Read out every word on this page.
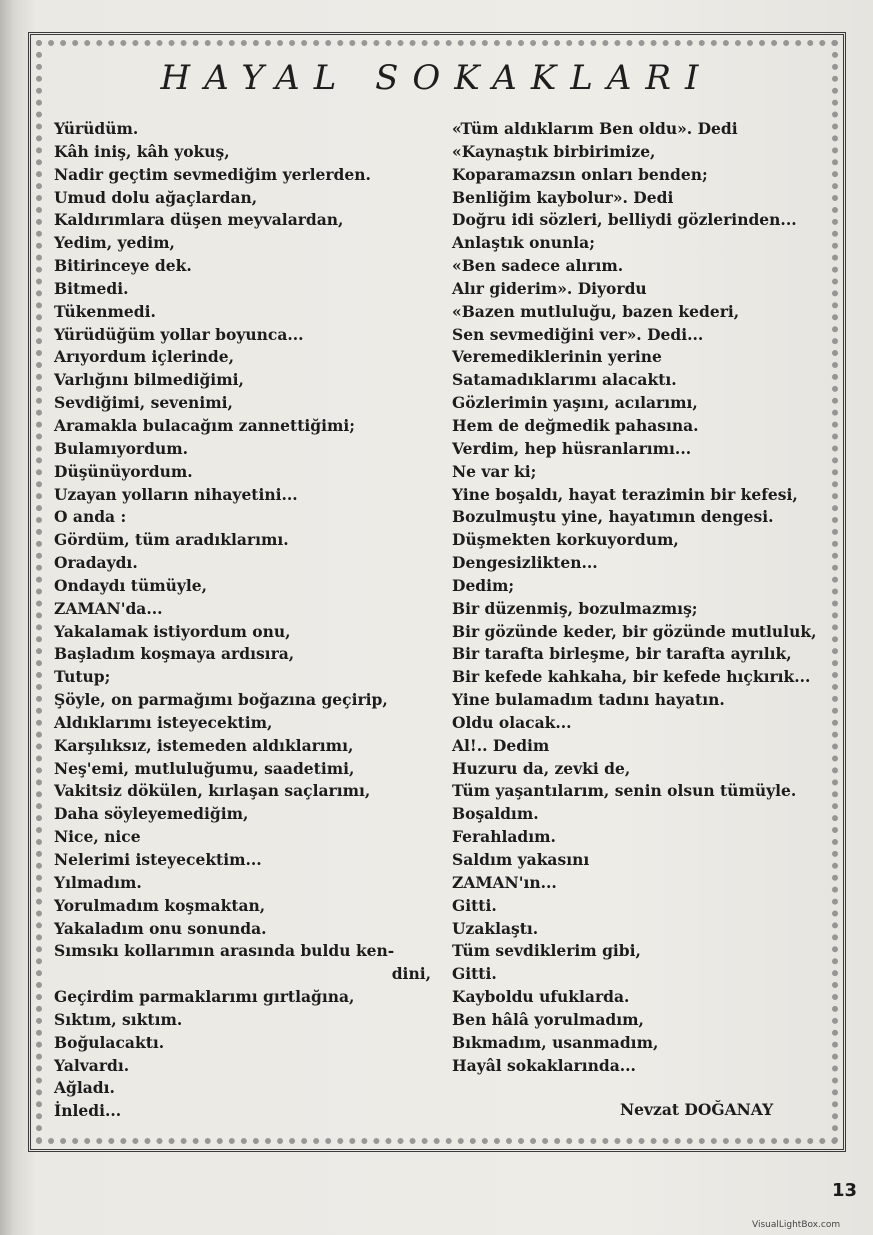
HAYAL SOKAKLARI
Yürüdüm.
Kâh iniş, kâh yokuş,
Nadir geçtim sevmediğim yerlerden.
Umud dolu ağaçlardan,
Kaldırımlara düşen meyvalardan,
Yedim, yedim,
Bitirinceye dek.
Bitmedi.
Tükenmedi.
Yürüdüğüm yollar boyunca...
Arıyordum içlerinde,
Varlığını bilmediğimi,
Sevdiğimi, sevenimi,
Aramakla bulacağım zannettiğimi;
Bulamıyordum.
Düşünüyordum.
Uzayan yolların nihayetini...
O anda :
Gördüm, tüm aradıklarımı.
Oradaydı.
Ondaydı tümüyle,
ZAMAN'da...
Yakalamak istiyordum onu,
Başladım koşmaya ardısıra,
Tutup;
Şöyle, on parmağımı boğazına geçirip,
Aldıklarımı isteyecektim,
Karşılıksız, istemeden aldıklarımı,
Neş'emi, mutluluğumu, saadetimi,
Vakitsiz dökülen, kırlaşan saçlarımı,
Daha söyleyemediğim,
Nice, nice
Nelerimi isteyecektim...
Yılmadım.
Yorulmadım koşmaktan,
Yakaladım onu sonunda.
Sımsıkı kollarımın arasında buldu ken-
dini,
Geçirdim parmaklarımı gırtlağına,
Sıktım, sıktım.
Boğulacaktı.
Yalvardı.
Ağladı.
İnledi...
«Tüm aldıklarım Ben oldu». Dedi
«Kaynaştık birbirimize,
Koparamazsın onları benden;
Benliğim kaybolur». Dedi
Doğru idi sözleri, belliydi gözlerinden...
Anlaştık onunla;
«Ben sadece alırım.
Alır giderim». Diyordu
«Bazen mutluluğu, bazen kederi,
Sen sevmediğini ver». Dedi...
Veremediklerinin yerine
Satamadıklarımı alacaktı.
Gözlerimin yaşını, acılarımı,
Hem de değmedik pahasına.
Verdim, hep hüsranlarımı...
Ne var ki;
Yine boşaldı, hayat terazimin bir kefesi,
Bozulmuştu yine, hayatımın dengesi.
Düşmekten korkuyordum,
Dengesizlikten...
Dedim;
Bir düzenmiş, bozulmazmış;
Bir gözünde keder, bir gözünde mutluluk,
Bir tarafta birleşme, bir tarafta ayrılık,
Bir kefede kahkaha, bir kefede hıçkırık...
Yine bulamadım tadını hayatın.
Oldu olacak...
Al!.. Dedim
Huzuru da, zevki de,
Tüm yaşantılarım, senin olsun tümüyle.
Boşaldım.
Ferahladım.
Saldım yakasını
ZAMAN'ın...
Gitti.
Uzaklaştı.
Tüm sevdiklerim gibi,
Gitti.
Kayboldu ufuklarda.
Ben hâlâ yorulmadım,
Bıkmadım, usanmadım,
Hayâl sokaklarında...
Nevzat DOĞANAY
13
VisualLightBox.com
